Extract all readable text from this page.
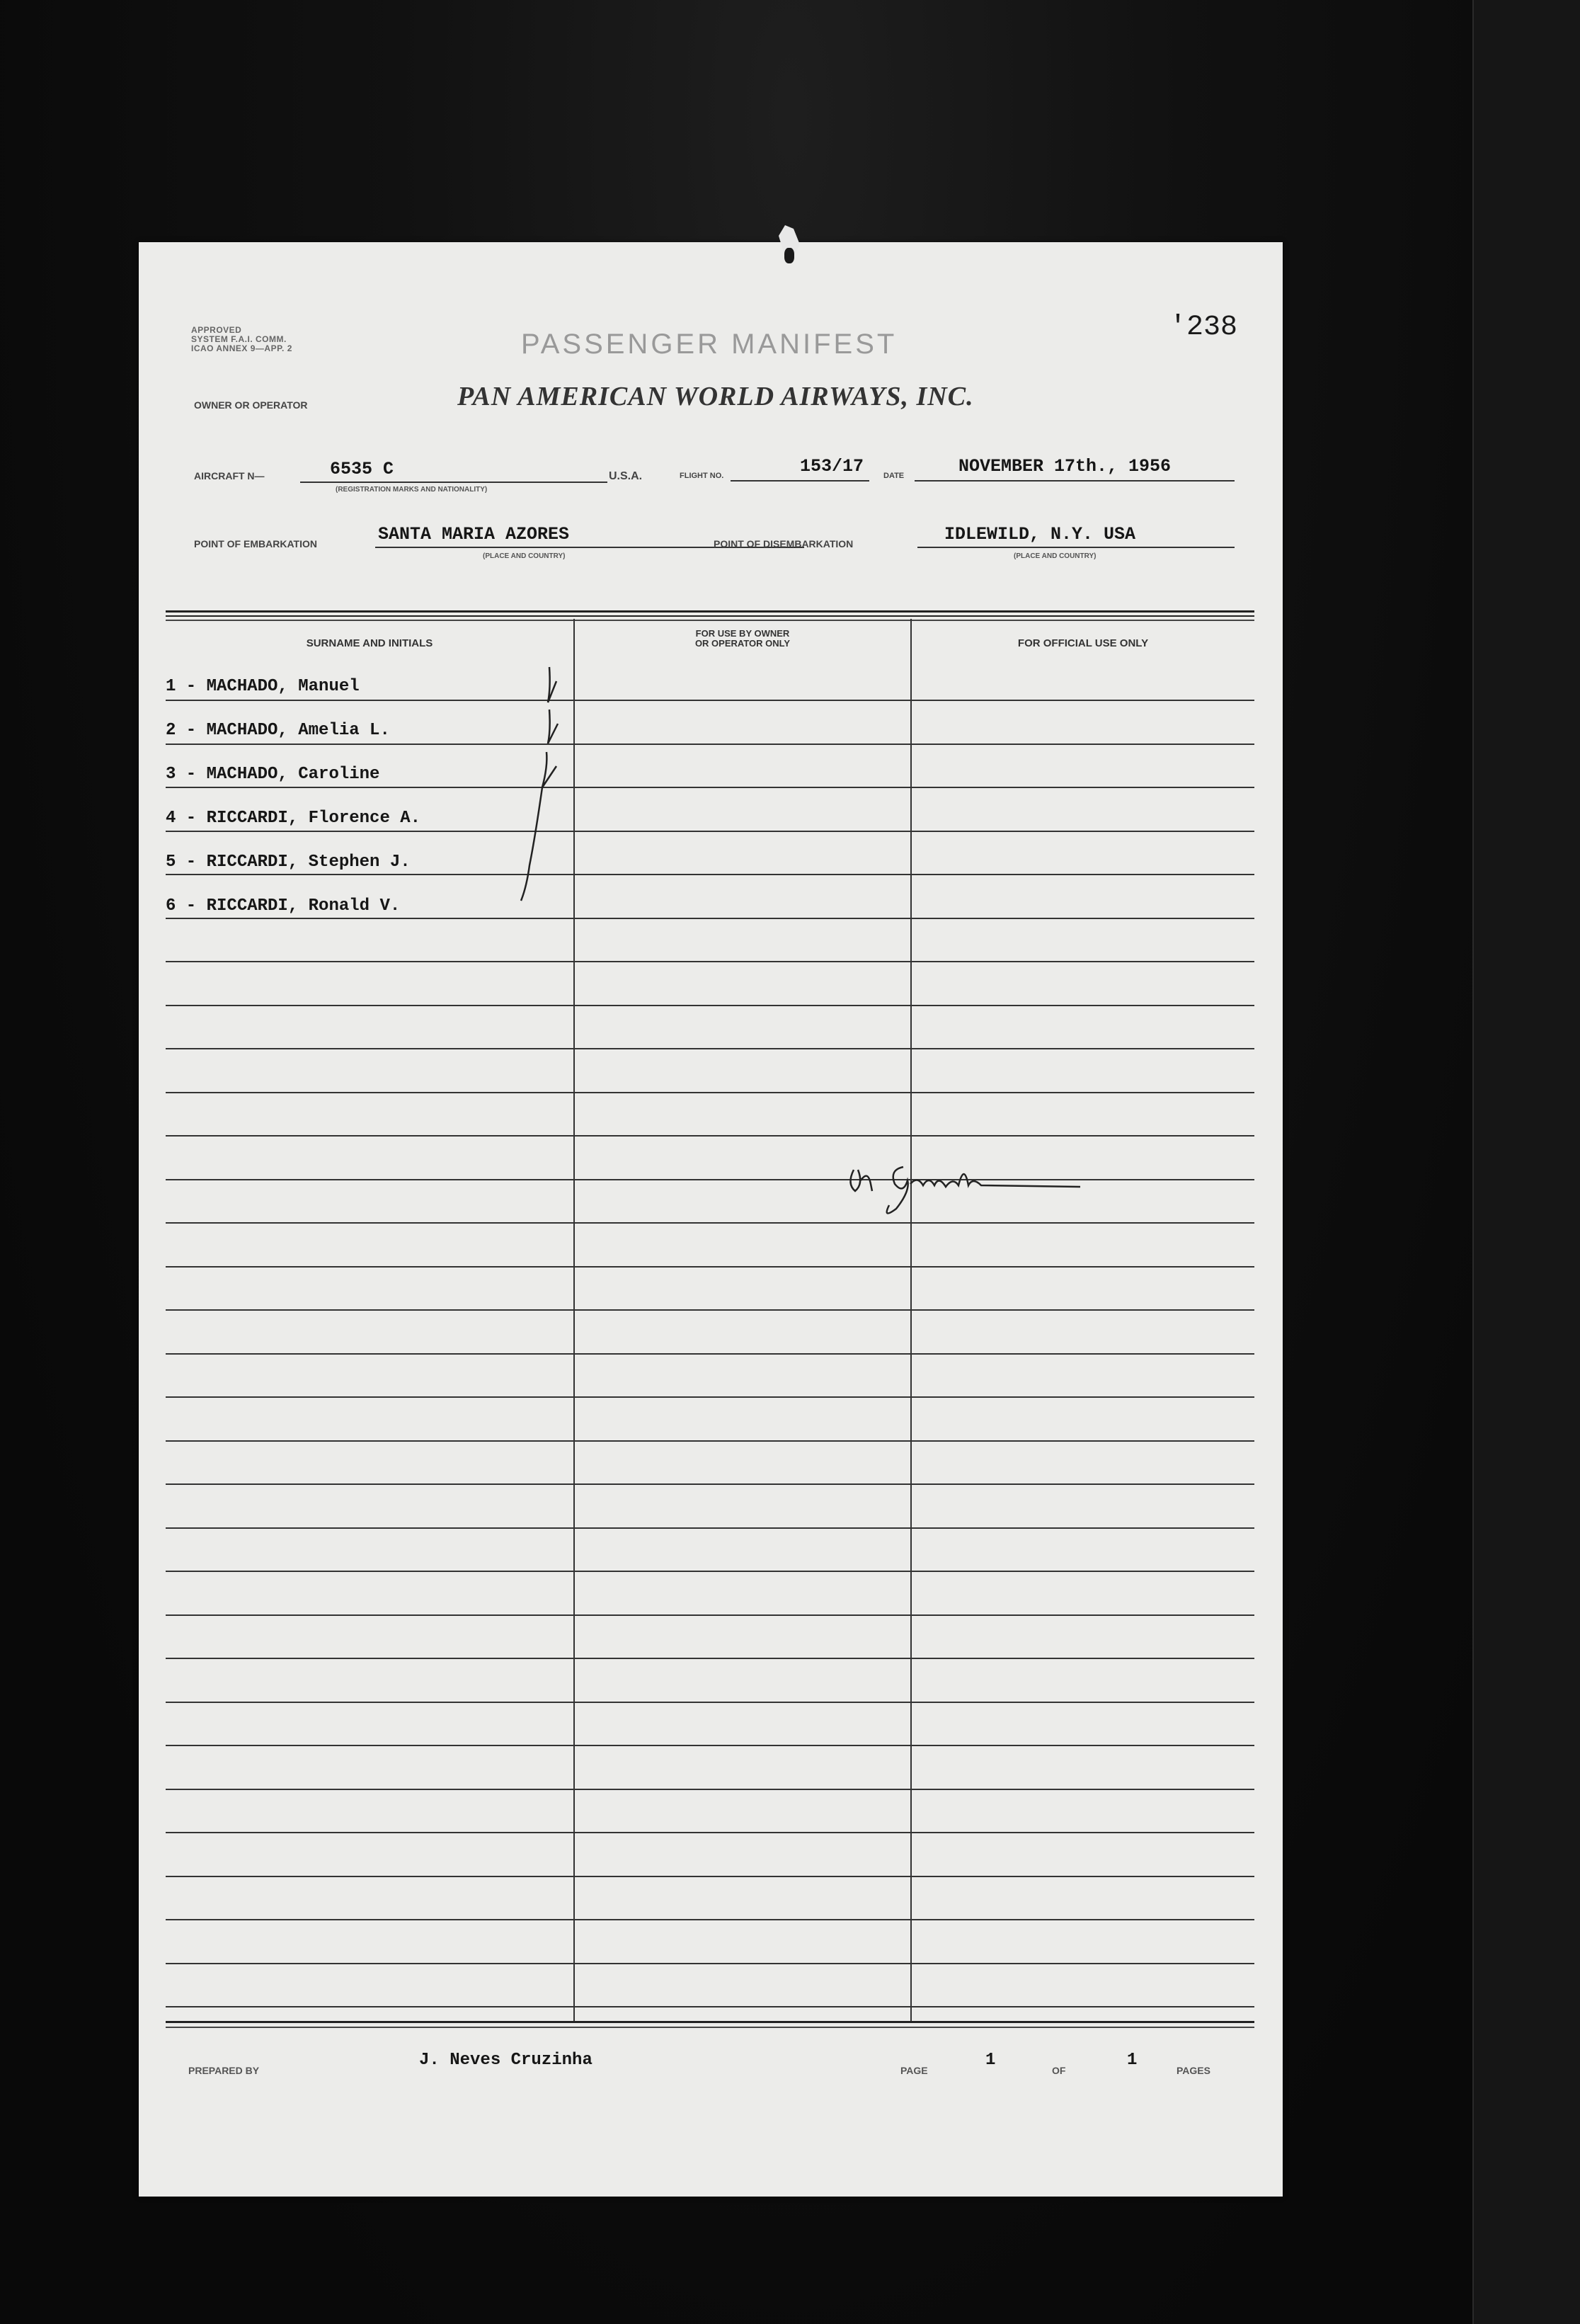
APPROVED
SYSTEM F.A.I. COMM.
ICAO ANNEX 9—APP. 2	PASSENGER MANIFEST
'238
OWNER OR OPERATOR	PAN AMERICAN WORLD AIRWAYS, INC.
AIRCRAFT N—	6535 C
(REGISTRATION MARKS AND NATIONALITY)
U.S.A.	FLIGHT NO.	153/17	DATE	NOVEMBER 17th., 1956
POINT OF EMBARKATION	SANTA MARIA AZORES
(PLACE AND COUNTRY)
POINT OF DISEMBARKATION	IDLEWILD, N.Y. USA
(PLACE AND COUNTRY)
SURNAME AND INITIALS
FOR USE BY OWNER
OR OPERATOR ONLY	FOR OFFICIAL USE ONLY
1 - MACHADO, Manuel
2 - MACHADO, Amelia L.
3 - MACHADO, Caroline
4 - RICCARDI, Florence A.
5 - RICCARDI, Stephen J.
6 - RICCARDI, Ronald V.
PREPARED BY
J. Neves Cruzinha
PAGE
1
OF
1
PAGES
